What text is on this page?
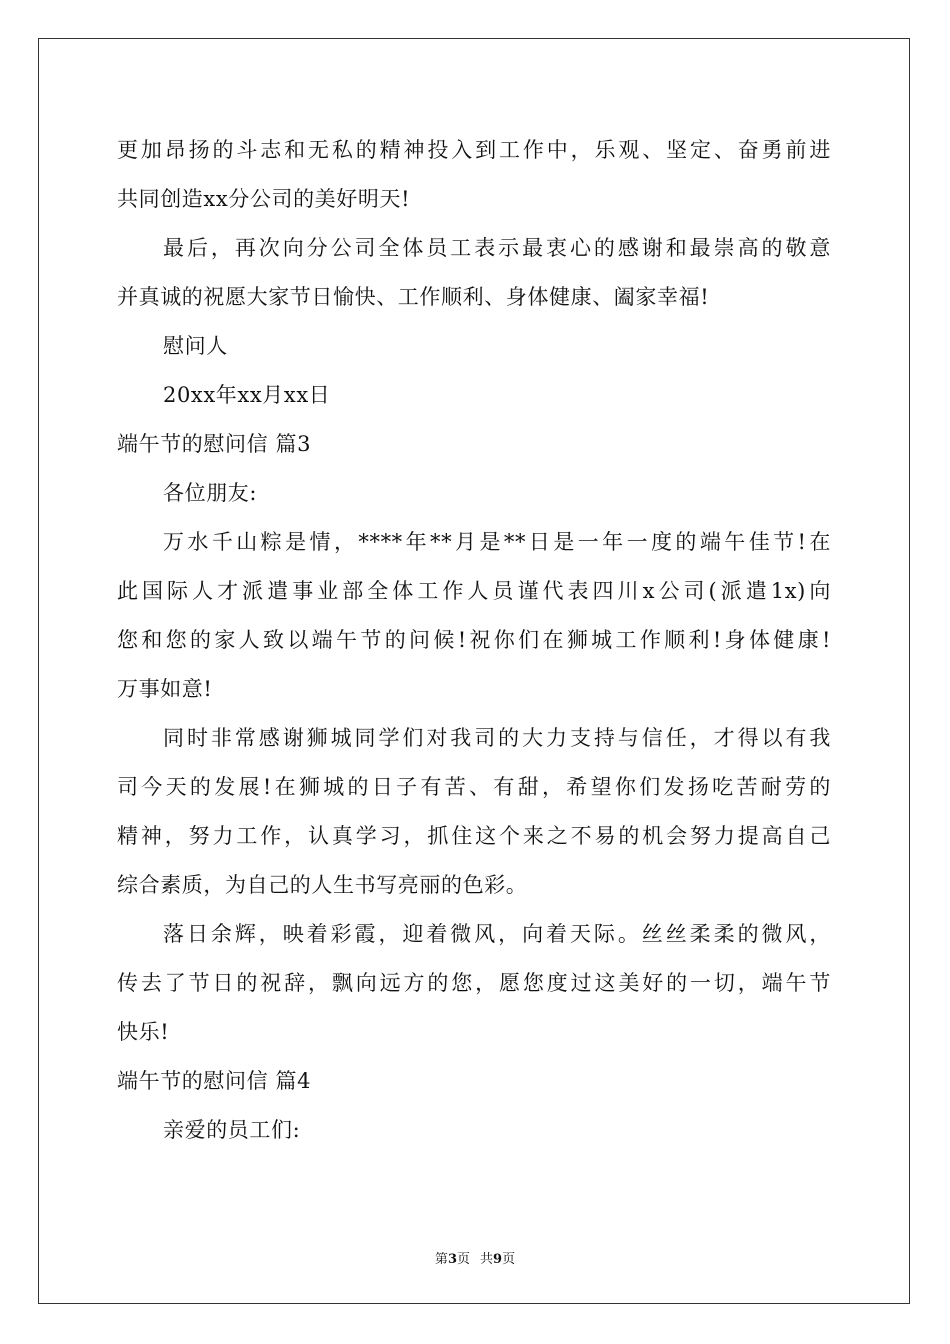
更加昂扬的斗志和无私的精神投入到工作中，乐观、坚定、奋勇前进
共同创造xx分公司的美好明天!
最后，再次向分公司全体员工表示最衷心的感谢和最崇高的敬意
并真诚的祝愿大家节日愉快、工作顺利、身体健康、阖家幸福!
慰问人
20xx年xx月xx日
端午节的慰问信 篇3
各位朋友:
万水千山粽是情，****年**月是**日是一年一度的端午佳节!在
此国际人才派遣事业部全体工作人员谨代表四川x公司(派遣1x)向
您和您的家人致以端午节的问候!祝你们在狮城工作顺利!身体健康!
万事如意!
同时非常感谢狮城同学们对我司的大力支持与信任，才得以有我
司今天的发展!在狮城的日子有苦、有甜，希望你们发扬吃苦耐劳的
精神，努力工作，认真学习，抓住这个来之不易的机会努力提高自己
综合素质，为自己的人生书写亮丽的色彩。
落日余辉，映着彩霞，迎着微风，向着天际。丝丝柔柔的微风，
传去了节日的祝辞，飘向远方的您，愿您度过这美好的一切，端午节
快乐!
端午节的慰问信 篇4
亲爱的员工们:
第3页 共9页
